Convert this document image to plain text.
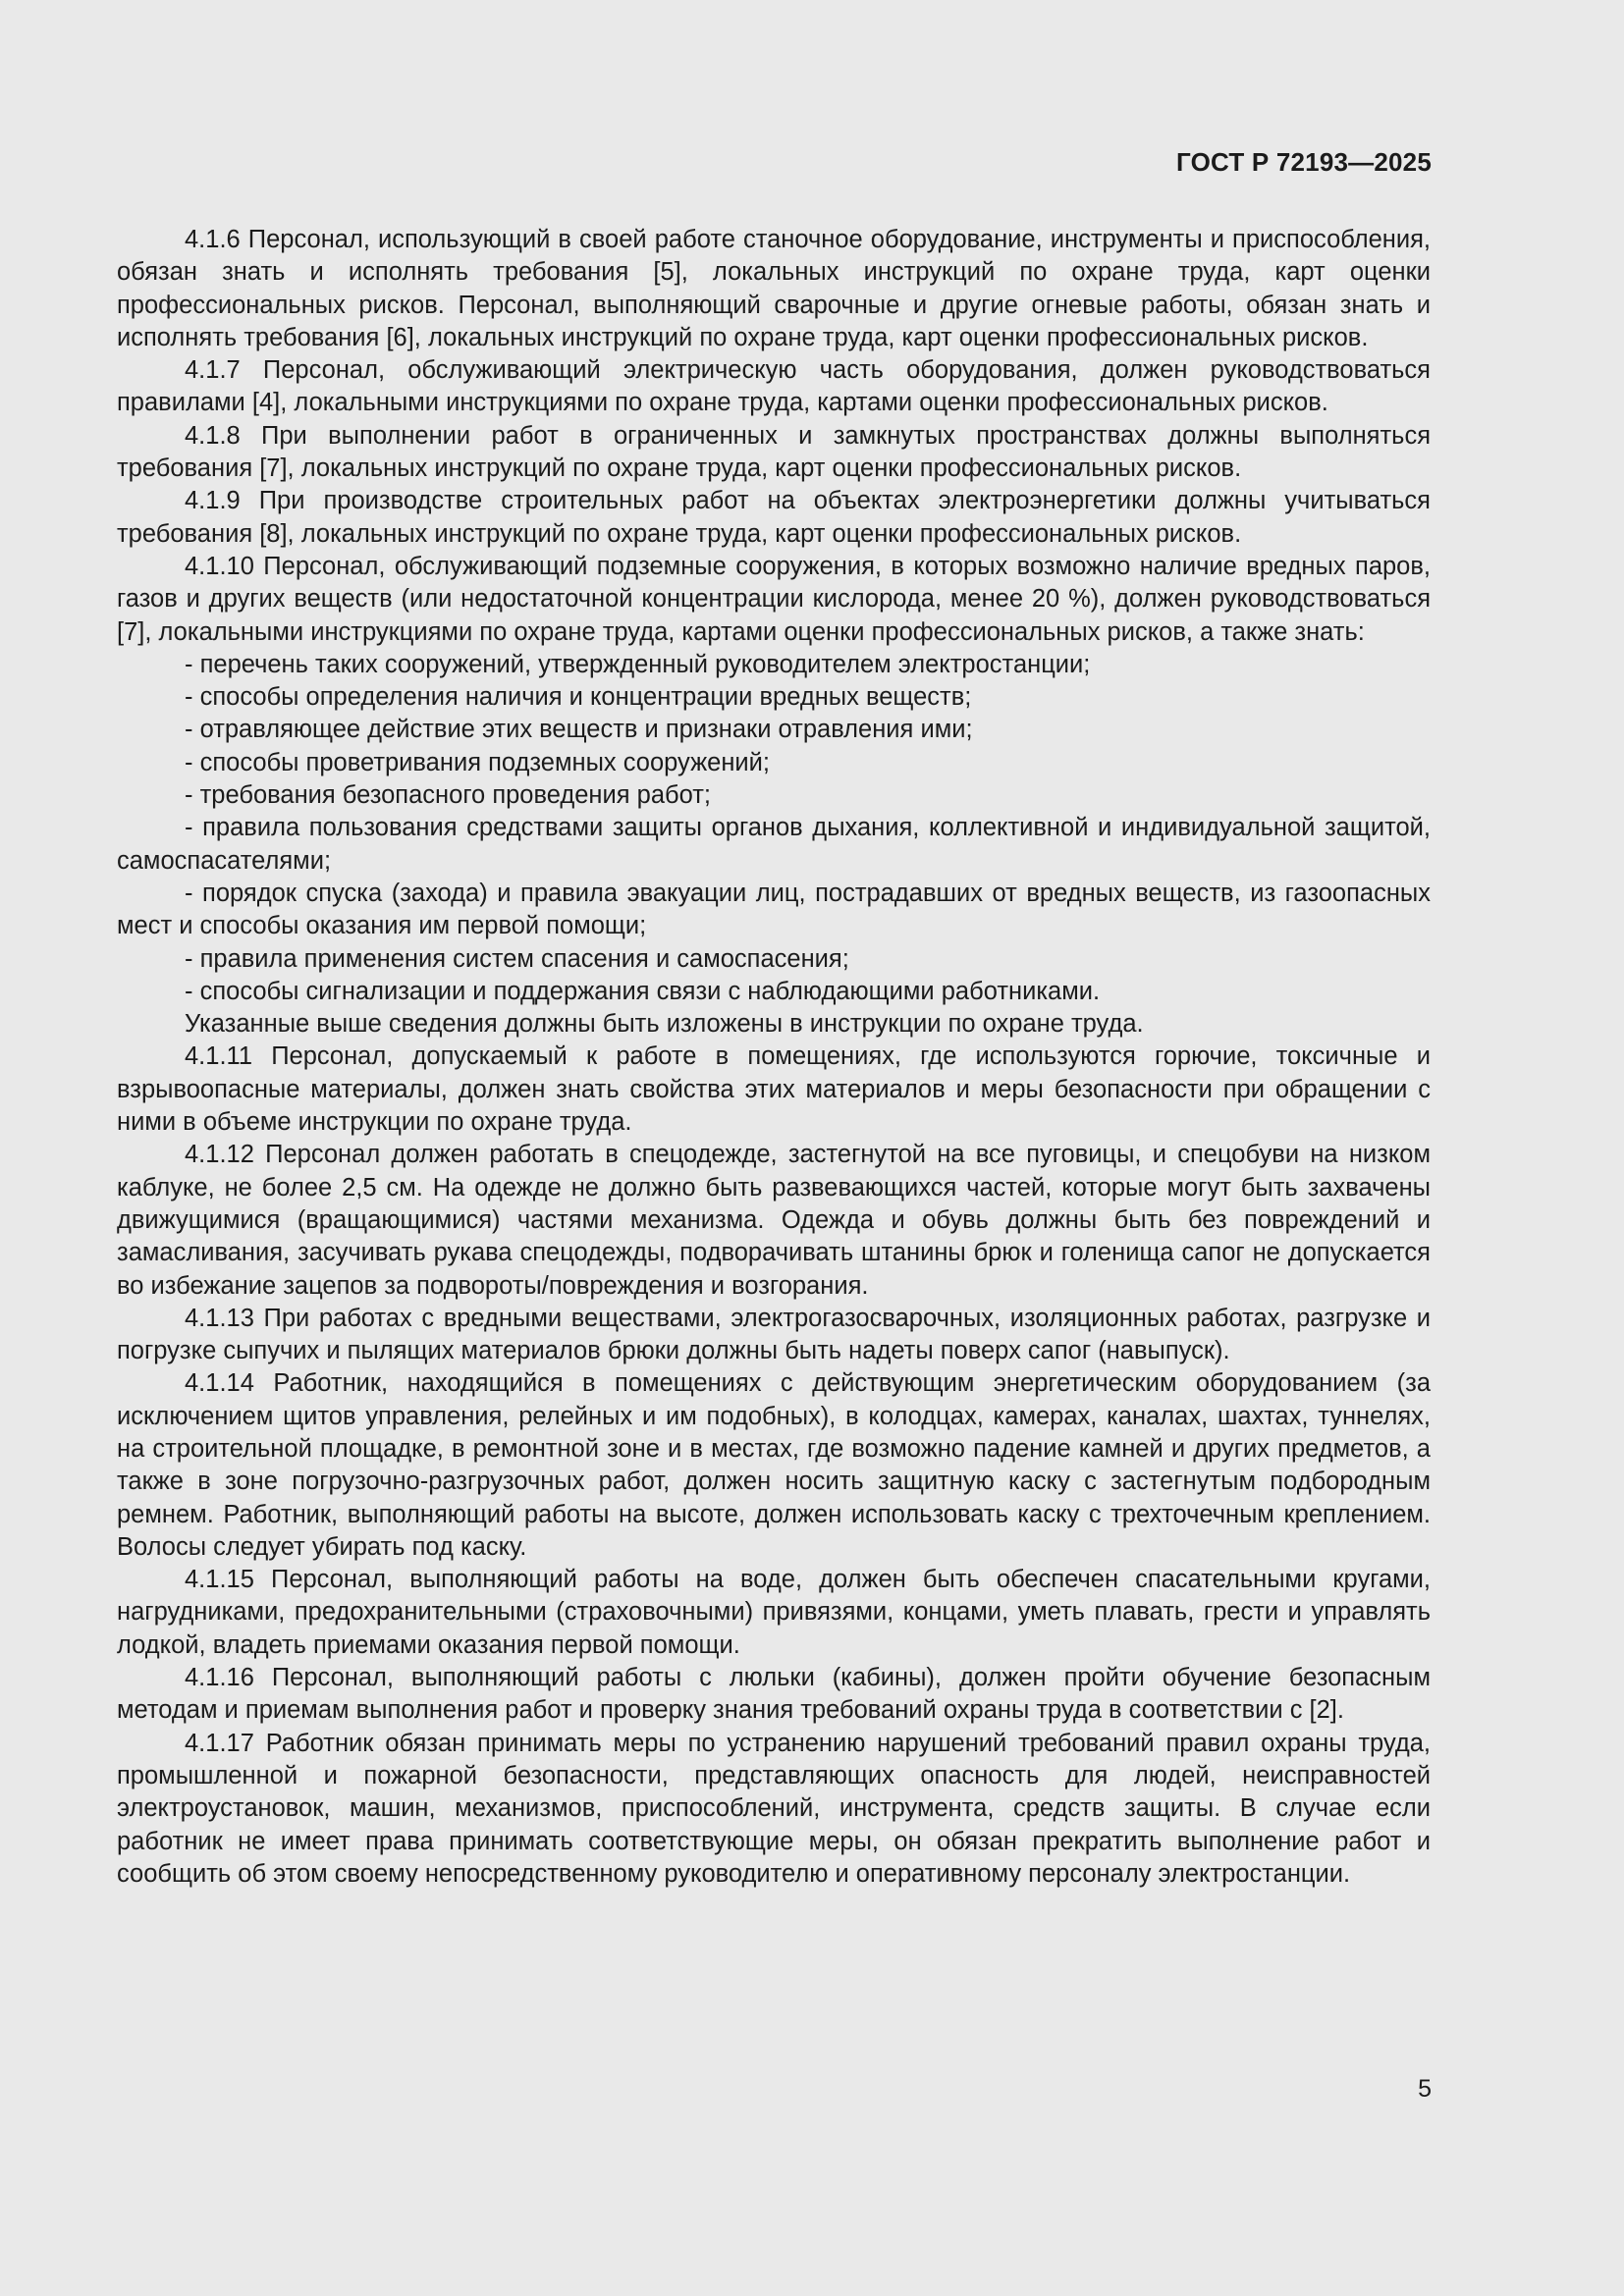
ГОСТ Р 72193—2025

4.1.6 Персонал, использующий в своей работе станочное оборудование, инструменты и приспособления, обязан знать и исполнять требования [5], локальных инструкций по охране труда, карт оценки профессиональных рисков. Персонал, выполняющий сварочные и другие огневые работы, обязан знать и исполнять требования [6], локальных инструкций по охране труда, карт оценки профессиональных рисков.

4.1.7 Персонал, обслуживающий электрическую часть оборудования, должен руководствоваться правилами [4], локальными инструкциями по охране труда, картами оценки профессиональных рисков.

4.1.8 При выполнении работ в ограниченных и замкнутых пространствах должны выполняться требования [7], локальных инструкций по охране труда, карт оценки профессиональных рисков.

4.1.9 При производстве строительных работ на объектах электроэнергетики должны учитываться требования [8], локальных инструкций по охране труда, карт оценки профессиональных рисков.

4.1.10 Персонал, обслуживающий подземные сооружения, в которых возможно наличие вредных паров, газов и других веществ (или недостаточной концентрации кислорода, менее 20 %), должен руководствоваться [7], локальными инструкциями по охране труда, картами оценки профессиональных рисков, а также знать:

- перечень таких сооружений, утвержденный руководителем электростанции;

- способы определения наличия и концентрации вредных веществ;

- отравляющее действие этих веществ и признаки отравления ими;

- способы проветривания подземных сооружений;

- требования безопасного проведения работ;

- правила пользования средствами защиты органов дыхания, коллективной и индивидуальной защитой, самоспасателями;

- порядок спуска (захода) и правила эвакуации лиц, пострадавших от вредных веществ, из газоопасных мест и способы оказания им первой помощи;

- правила применения систем спасения и самоспасения;

- способы сигнализации и поддержания связи с наблюдающими работниками.

Указанные выше сведения должны быть изложены в инструкции по охране труда.

4.1.11 Персонал, допускаемый к работе в помещениях, где используются горючие, токсичные и взрывоопасные материалы, должен знать свойства этих материалов и меры безопасности при обращении с ними в объеме инструкции по охране труда.

4.1.12 Персонал должен работать в спецодежде, застегнутой на все пуговицы, и спецобуви на низком каблуке, не более 2,5 см. На одежде не должно быть развевающихся частей, которые могут быть захвачены движущимися (вращающимися) частями механизма. Одежда и обувь должны быть без повреждений и замасливания, засучивать рукава спецодежды, подворачивать штанины брюк и голенища сапог не допускается во избежание зацепов за подвороты/повреждения и возгорания.

4.1.13 При работах с вредными веществами, электрогазосварочных, изоляционных работах, разгрузке и погрузке сыпучих и пылящих материалов брюки должны быть надеты поверх сапог (навыпуск).

4.1.14 Работник, находящийся в помещениях с действующим энергетическим оборудованием (за исключением щитов управления, релейных и им подобных), в колодцах, камерах, каналах, шахтах, туннелях, на строительной площадке, в ремонтной зоне и в местах, где возможно падение камней и других предметов, а также в зоне погрузочно-разгрузочных работ, должен носить защитную каску с застегнутым подбородным ремнем. Работник, выполняющий работы на высоте, должен использовать каску с трехточечным креплением. Волосы следует убирать под каску.

4.1.15 Персонал, выполняющий работы на воде, должен быть обеспечен спасательными кругами, нагрудниками, предохранительными (страховочными) привязями, концами, уметь плавать, грести и управлять лодкой, владеть приемами оказания первой помощи.

4.1.16 Персонал, выполняющий работы с люльки (кабины), должен пройти обучение безопасным методам и приемам выполнения работ и проверку знания требований охраны труда в соответствии с [2].

4.1.17 Работник обязан принимать меры по устранению нарушений требований правил охраны труда, промышленной и пожарной безопасности, представляющих опасность для людей, неисправностей электроустановок, машин, механизмов, приспособлений, инструмента, средств защиты. В случае если работник не имеет права принимать соответствующие меры, он обязан прекратить выполнение работ и сообщить об этом своему непосредственному руководителю и оперативному персоналу электростанции.

5
